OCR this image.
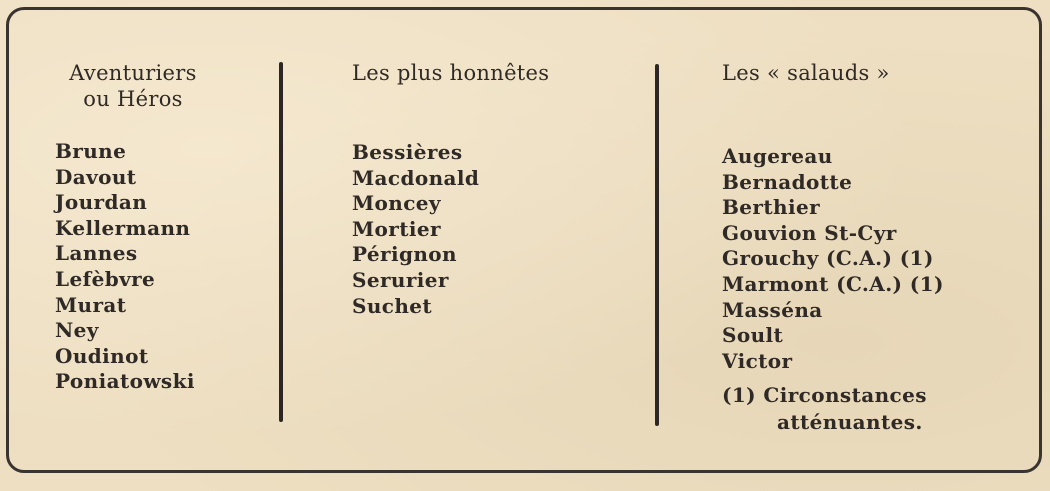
Aventuriers
ou Héros
Brune
Davout
Jourdan
Kellermann
Lannes
Lefèbvre
Murat
Ney
Oudinot
Poniatowski
Les plus honnêtes
Bessières
Macdonald
Moncey
Mortier
Pérignon
Serurier
Suchet
Les « salauds »
Augereau
Bernadotte
Berthier
Gouvion St-Cyr
Grouchy (C.A.) (1)
Marmont (C.A.) (1)
Masséna
Soult
Victor
(1) Circonstances
atténuantes.
